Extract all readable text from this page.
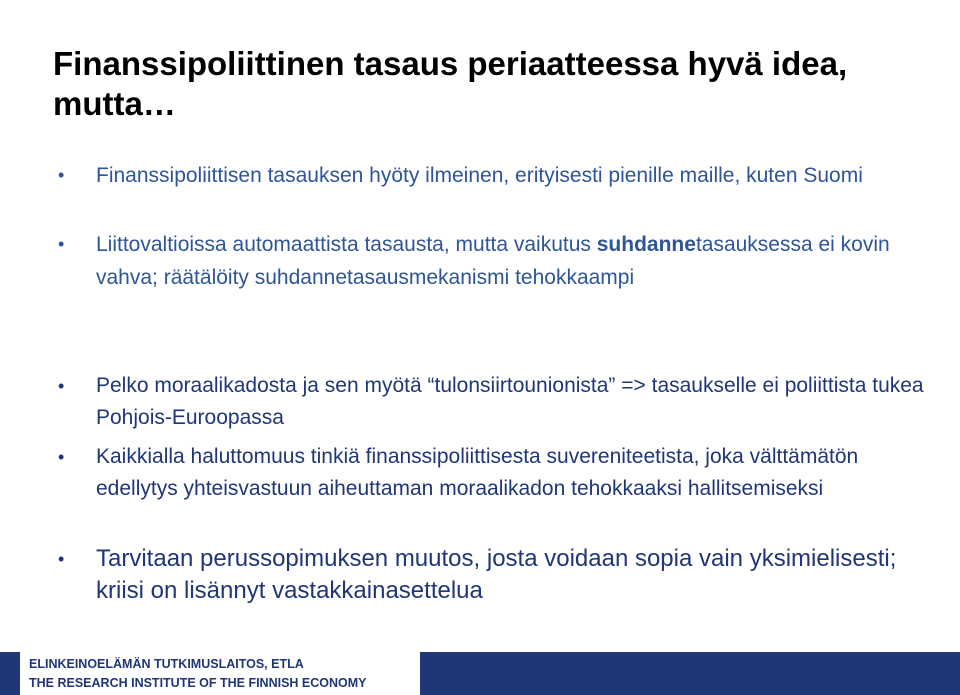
Finanssipoliittinen tasaus periaatteessa hyvä idea, mutta…
•	Finanssipoliittisen tasauksen hyöty ilmeinen, erityisesti pienille maille, kuten Suomi
•	Liittovaltioissa automaattista tasausta, mutta vaikutus suhdannetasauksessa ei kovin vahva; räätälöity suhdannetasausmekanismi tehokkaampi
•	Pelko moraalikadosta ja sen myötä “tulonsiirtounionista” => tasaukselle ei poliittista tukea Pohjois-Euroopassa
•	Kaikkialla haluttomuus tinkiä finanssipoliittisesta suvereniteetista, joka välttämätön edellytys yhteisvastuun aiheuttaman moraalikadon tehokkaaksi hallitsemiseksi
•	Tarvitaan perussopimuksen muutos, josta voidaan sopia vain yksimielisesti; kriisi on lisännyt vastakkainasettelua
ELINKEINOELÄMÄN TUTKIMUSLAITOS, ETLA
THE RESEARCH INSTITUTE OF THE FINNISH ECONOMY
